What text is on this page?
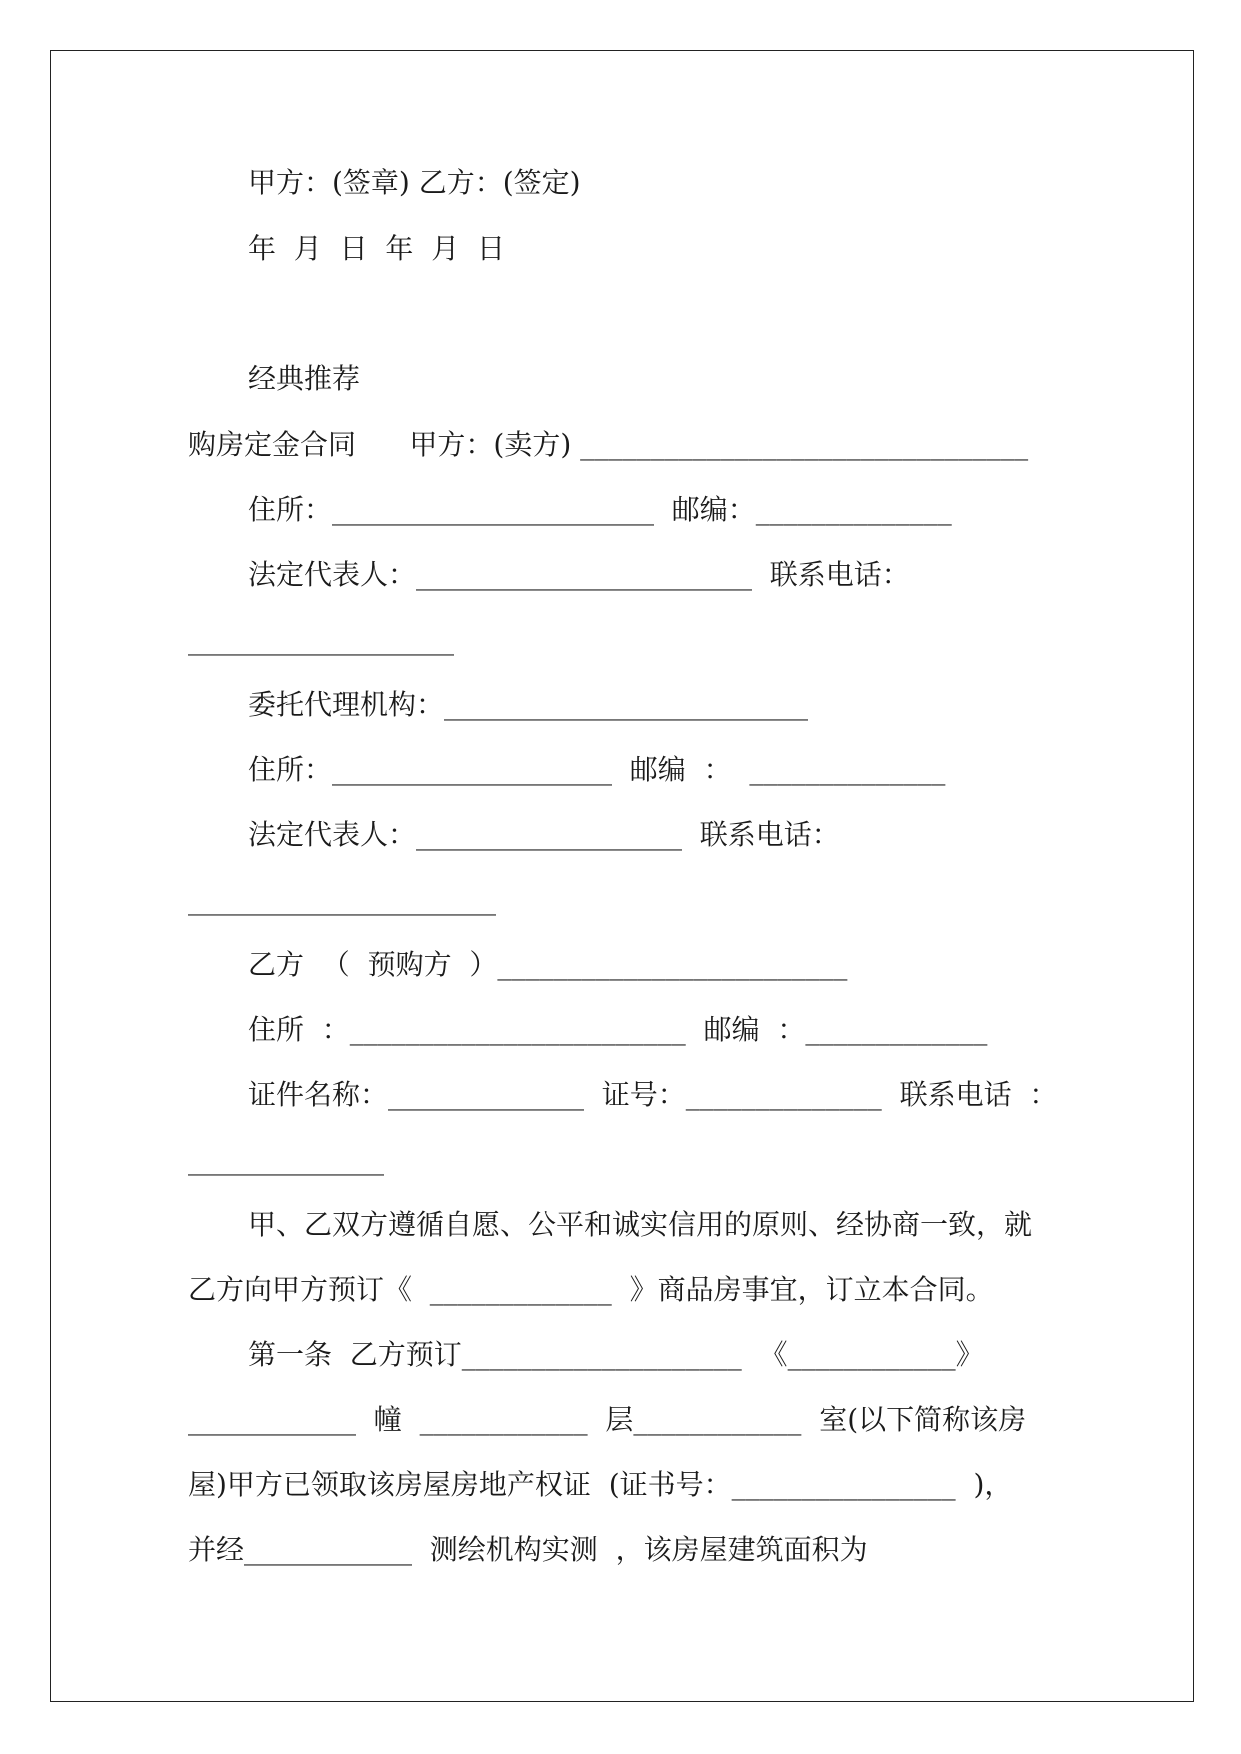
甲方：(签章) 乙方：(签定)
年  月  日  年  月  日
经典推荐
购房定金合同      甲方：(卖方) ________________________________
住所：_______________________  邮编：______________
法定代表人：________________________  联系电话：
___________________
委托代理机构：__________________________
住所：____________________  邮编  ：  ______________
法定代表人：___________________  联系电话：
______________________
乙方  （  预购方  ）_________________________
住所  ：________________________  邮编  ：_____________
证件名称：______________  证号：______________  联系电话  ：
______________
甲、乙双方遵循自愿、公平和诚实信用的原则、经协商一致，就
乙方向甲方预订《  _____________  》商品房事宜，订立本合同。
第一条  乙方预订____________________  《____________》
____________  幢  ____________  层____________  室(以下简称该房
屋)甲方已领取该房屋房地产权证  (证书号：________________  )，
并经____________  测绘机构实测  ，该房屋建筑面积为
